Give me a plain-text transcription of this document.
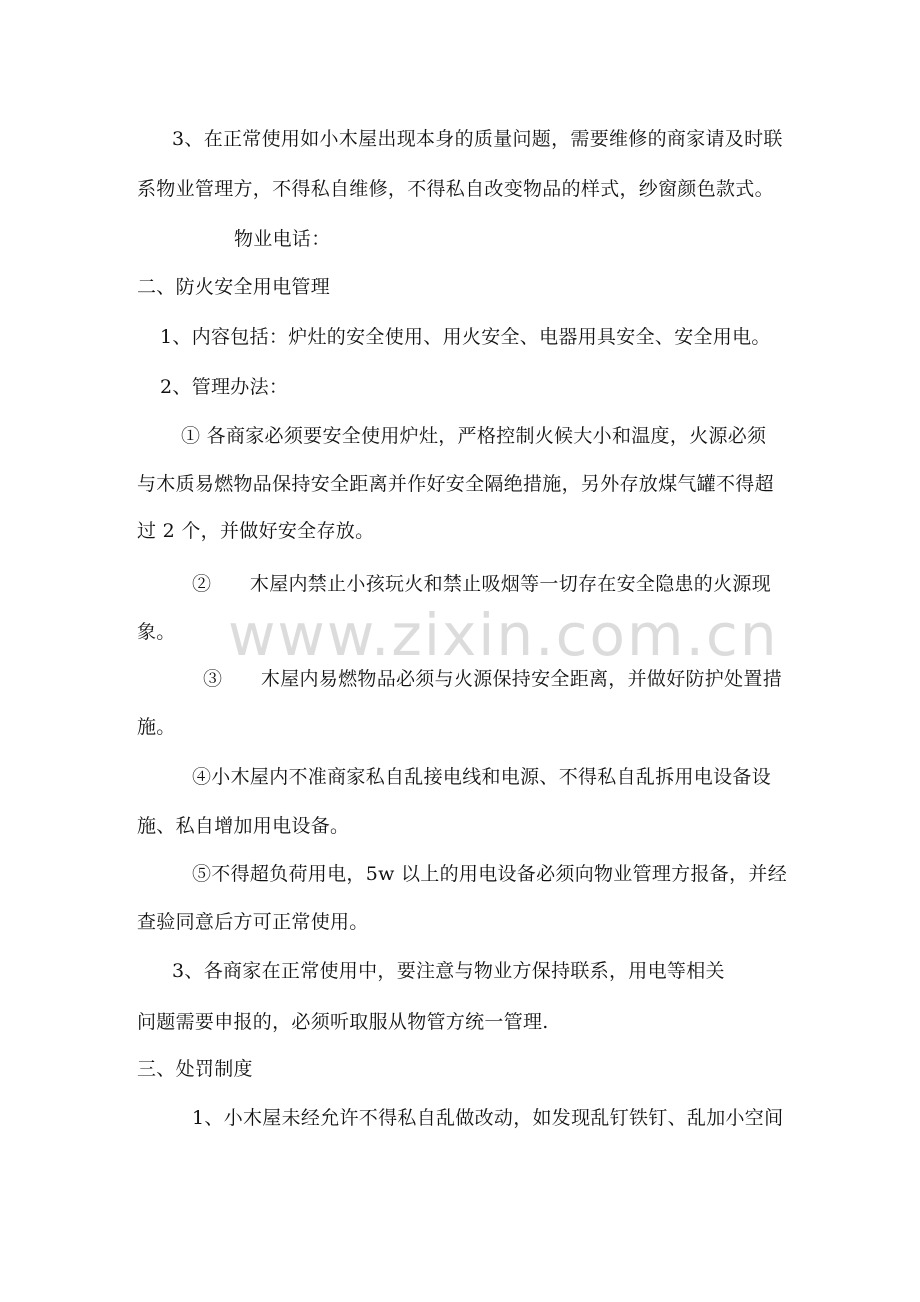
3、在正常使用如小木屋出现本身的质量问题，需要维修的商家请及时联
系物业管理方，不得私自维修，不得私自改变物品的样式，纱窗颜色款式。
物业电话：
二、防火安全用电管理
1、内容包括：炉灶的安全使用、用火安全、电器用具安全、安全用电。
2、管理办法：
① 各商家必须要安全使用炉灶，严格控制火候大小和温度，火源必须
与木质易燃物品保持安全距离并作好安全隔绝措施，另外存放煤气罐不得超
过 2 个，并做好安全存放。
②　　木屋内禁止小孩玩火和禁止吸烟等一切存在安全隐患的火源现
象。
③　　木屋内易燃物品必须与火源保持安全距离，并做好防护处置措
施。
④小木屋内不准商家私自乱接电线和电源、不得私自乱拆用电设备设
施、私自增加用电设备。
⑤不得超负荷用电，5w 以上的用电设备必须向物业管理方报备，并经
查验同意后方可正常使用。
3、各商家在正常使用中，要注意与物业方保持联系，用电等相关
问题需要申报的，必须听取服从物管方统一管理.
三、处罚制度
1、小木屋未经允许不得私自乱做改动，如发现乱钉铁钉、乱加小空间
www.zixin.com.cn
